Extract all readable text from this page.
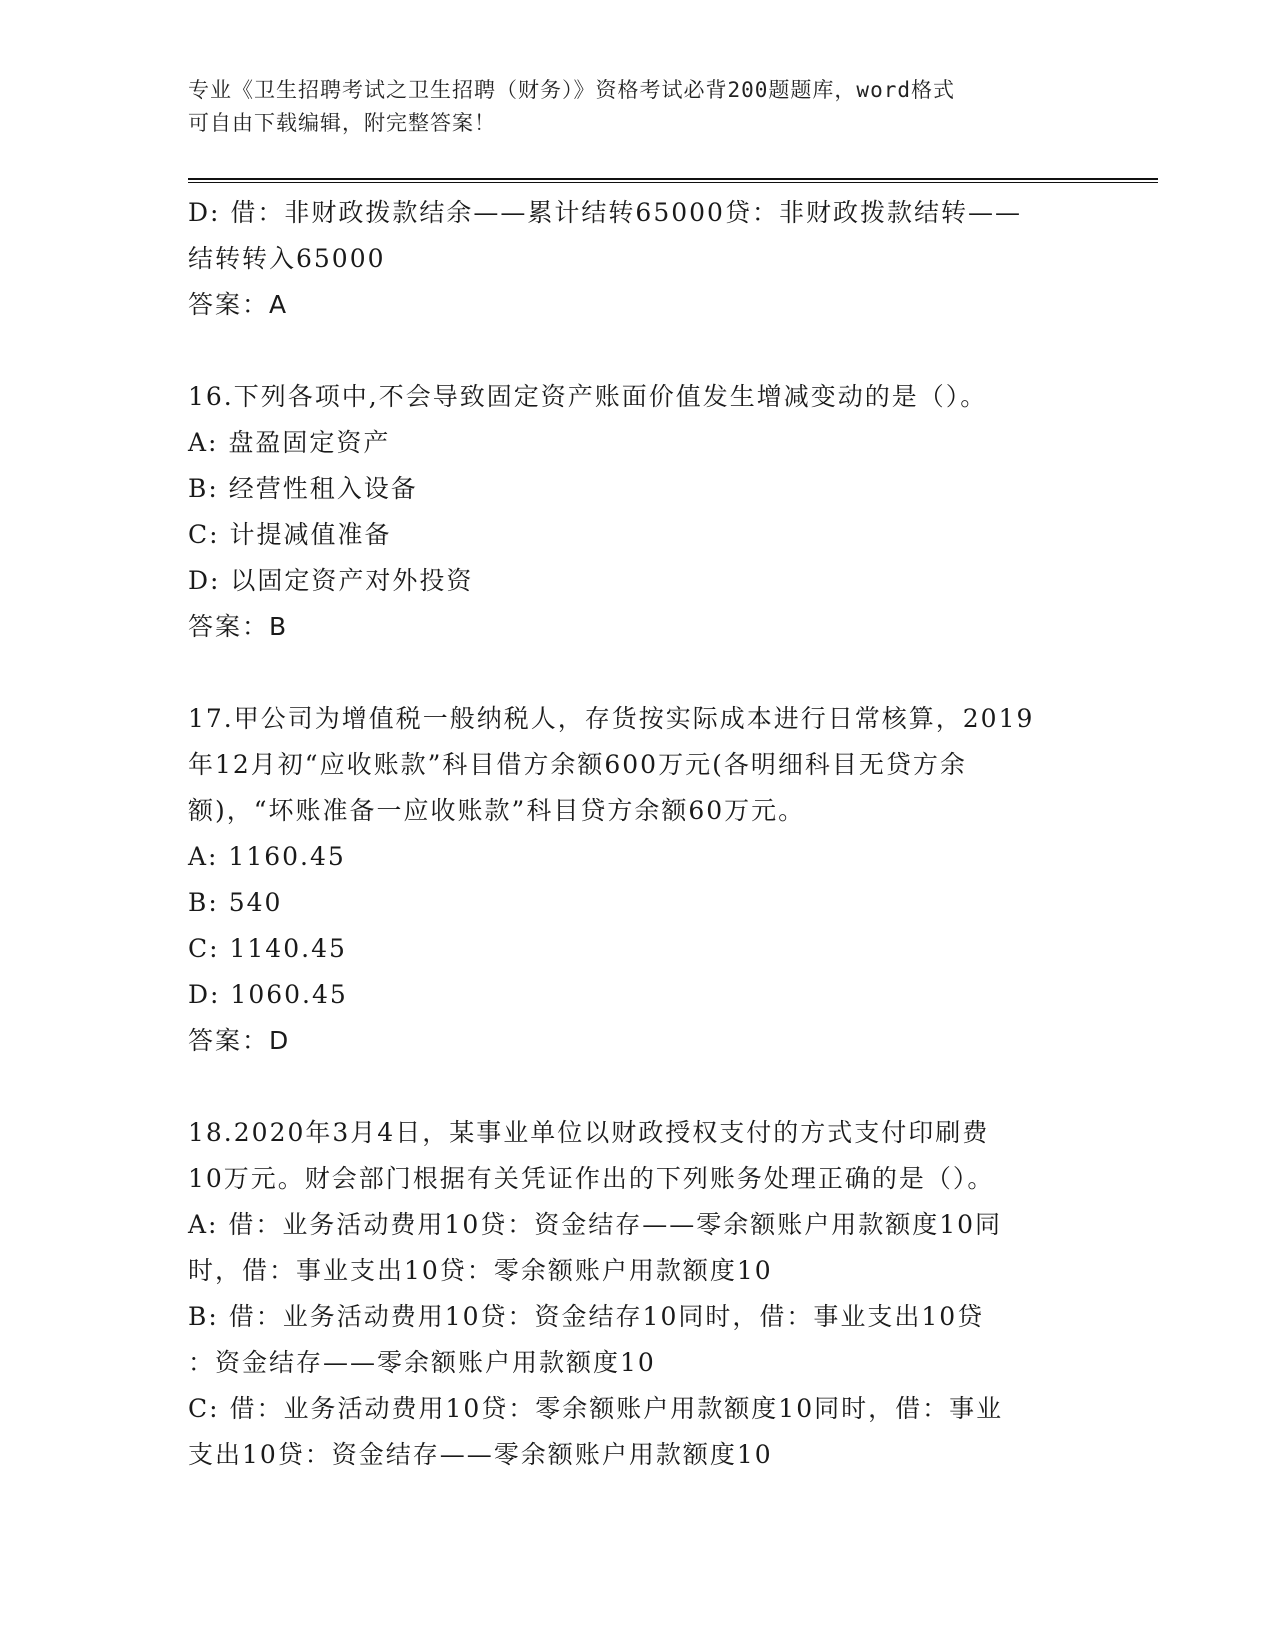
专业《卫生招聘考试之卫生招聘（财务）》资格考试必背200题题库，word格式
可自由下载编辑，附完整答案！
D: 借：非财政拨款结余——累计结转65000贷：非财政拨款结转——
结转转入65000
答案：A
16.下列各项中,不会导致固定资产账面价值发生增减变动的是（）。
A: 盘盈固定资产
B: 经营性租入设备
C: 计提减值准备
D: 以固定资产对外投资
答案：B
17.甲公司为增值税一般纳税人，存货按实际成本进行日常核算，2019
年12月初“应收账款”科目借方余额600万元(各明细科目无贷方余
额)，“坏账准备一应收账款”科目贷方余额60万元。
A: 1160.45
B: 540
C: 1140.45
D: 1060.45
答案：D
18.2020年3月4日，某事业单位以财政授权支付的方式支付印刷费
10万元。财会部门根据有关凭证作出的下列账务处理正确的是（）。
A: 借：业务活动费用10贷：资金结存——零余额账户用款额度10同
时，借：事业支出10贷：零余额账户用款额度10
B: 借：业务活动费用10贷：资金结存10同时，借：事业支出10贷
：资金结存——零余额账户用款额度10
C: 借：业务活动费用10贷：零余额账户用款额度10同时，借：事业
支出10贷：资金结存——零余额账户用款额度10
